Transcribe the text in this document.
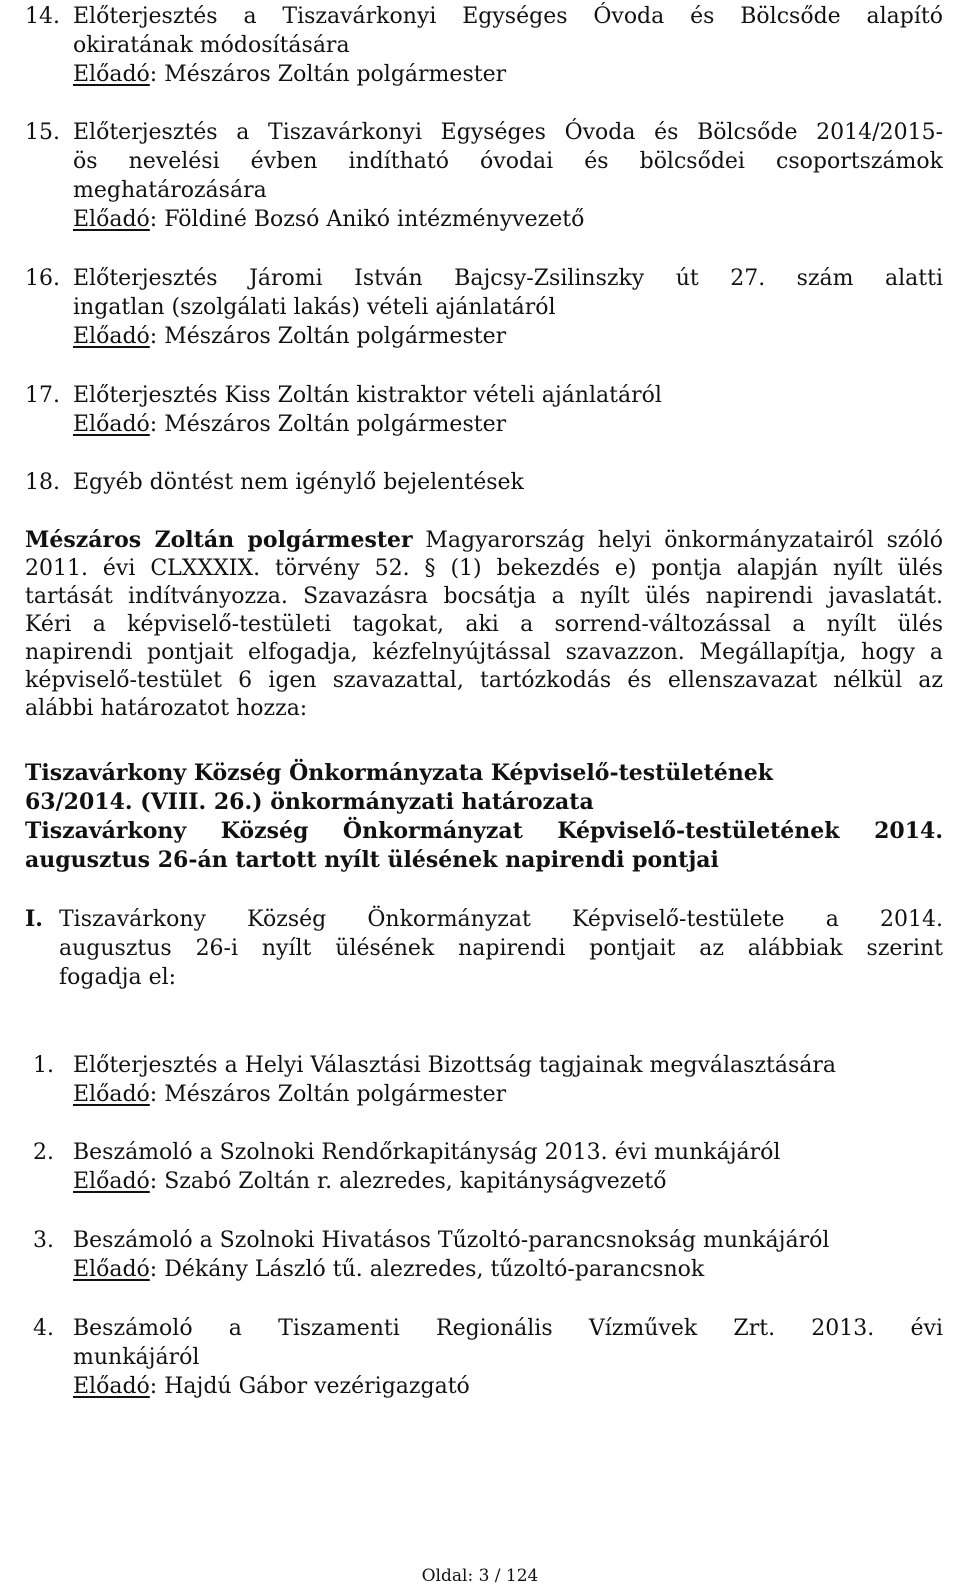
14. Előterjesztés a Tiszavárkonyi Egységes Óvoda és Bölcsőde alapító
okiratának módosítására
Előadó: Mészáros Zoltán polgármester
15. Előterjesztés a Tiszavárkonyi Egységes Óvoda és Bölcsőde 2014/2015-
ös nevelési évben indítható óvodai és bölcsődei csoportszámok
meghatározására
Előadó: Földiné Bozsó Anikó intézményvezető
16. Előterjesztés Járomi István Bajcsy-Zsilinszky út 27. szám alatti
ingatlan (szolgálati lakás) vételi ajánlatáról
Előadó: Mészáros Zoltán polgármester
17. Előterjesztés Kiss Zoltán kistraktor vételi ajánlatáról
Előadó: Mészáros Zoltán polgármester
18. Egyéb döntést nem igénylő bejelentések
Mészáros Zoltán polgármester Magyarország helyi önkormányzatairól szóló
2011. évi CLXXXIX. törvény 52. § (1) bekezdés e) pontja alapján nyílt ülés
tartását indítványozza. Szavazásra bocsátja a nyílt ülés napirendi javaslatát.
Kéri a képviselő-testületi tagokat, aki a sorrend-változással a nyílt ülés
napirendi pontjait elfogadja, kézfelnyújtással szavazzon. Megállapítja, hogy a
képviselő-testület 6 igen szavazattal, tartózkodás és ellenszavazat nélkül az
alábbi határozatot hozza:
Tiszavárkony Község Önkormányzata Képviselő-testületének
63/2014. (VIII. 26.) önkormányzati határozata
Tiszavárkony Község Önkormányzat Képviselő-testületének 2014.
augusztus 26-án tartott nyílt ülésének napirendi pontjai
I. Tiszavárkony Község Önkormányzat Képviselő-testülete a 2014.
augusztus 26-i nyílt ülésének napirendi pontjait az alábbiak szerint
fogadja el:
1. Előterjesztés a Helyi Választási Bizottság tagjainak megválasztására
Előadó: Mészáros Zoltán polgármester
2. Beszámoló a Szolnoki Rendőrkapitányság 2013. évi munkájáról
Előadó: Szabó Zoltán r. alezredes, kapitányságvezető
3. Beszámoló a Szolnoki Hivatásos Tűzoltó-parancsnokság munkájáról
Előadó: Dékány László tű. alezredes, tűzoltó-parancsnok
4. Beszámoló a Tiszamenti Regionális Vízművek Zrt. 2013. évi
munkájáról
Előadó: Hajdú Gábor vezérigazgató
Oldal: 3 / 124
